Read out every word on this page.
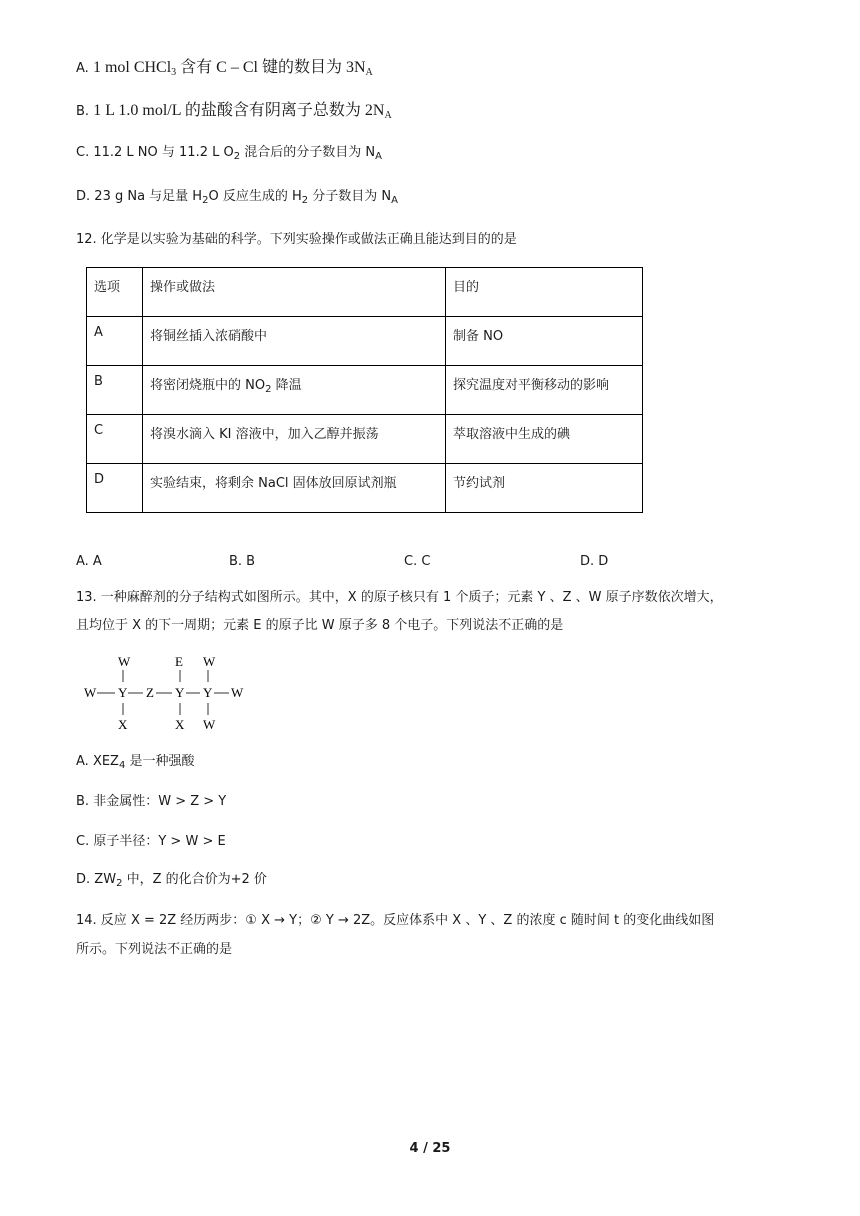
A. 1 mol CHCl$_3$ 含有 C – Cl 键的数目为 $3N_A$
B. 1 L 1.0 mol/L 的盐酸含有阴离子总数为 $2N_A$
C. 11.2 L NO 与 11.2 L $O_2$ 混合后的分子数目为 $N_A$
D. 23 g Na 与足量 $H_2O$ 反应生成的 $H_2$ 分子数目为 $N_A$
12. 化学是以实验为基础的科学。下列实验操作或做法正确且能达到目的的是
选项	操作或做法	目的
A	将铜丝插入浓硝酸中	制备 NO
B	将密闭烧瓶中的 $NO_2$ 降温	探究温度对平衡移动的影响
C	将溴水滴入 KI 溶液中，加入乙醇并振荡	萃取溶液中生成的碘
D	实验结束，将剩余 NaCl 固体放回原试剂瓶	节约试剂
A. A	B. B	C. C	D. D
13. 一种麻醉剂的分子结构式如图所示。其中，X 的原子核只有 1 个质子；元素 Y 、Z 、W 原子序数依次增大，
且均位于 X 的下一周期；元素 E 的原子比 W 原子多 8 个电子。下列说法不正确的是
W	E W
W Y Z Y Y W
X	X W
A. $XEZ_4$ 是一种强酸
B. 非金属性：W > Z > Y
C. 原子半径：Y > W > E
D. $ZW_2$ 中，Z 的化合价为+2 价
14. 反应 X = 2Z 经历两步：① X → Y；② Y → 2Z。反应体系中 X 、Y 、Z 的浓度 c 随时间 t 的变化曲线如图
所示。下列说法不正确的是
4 / 25
